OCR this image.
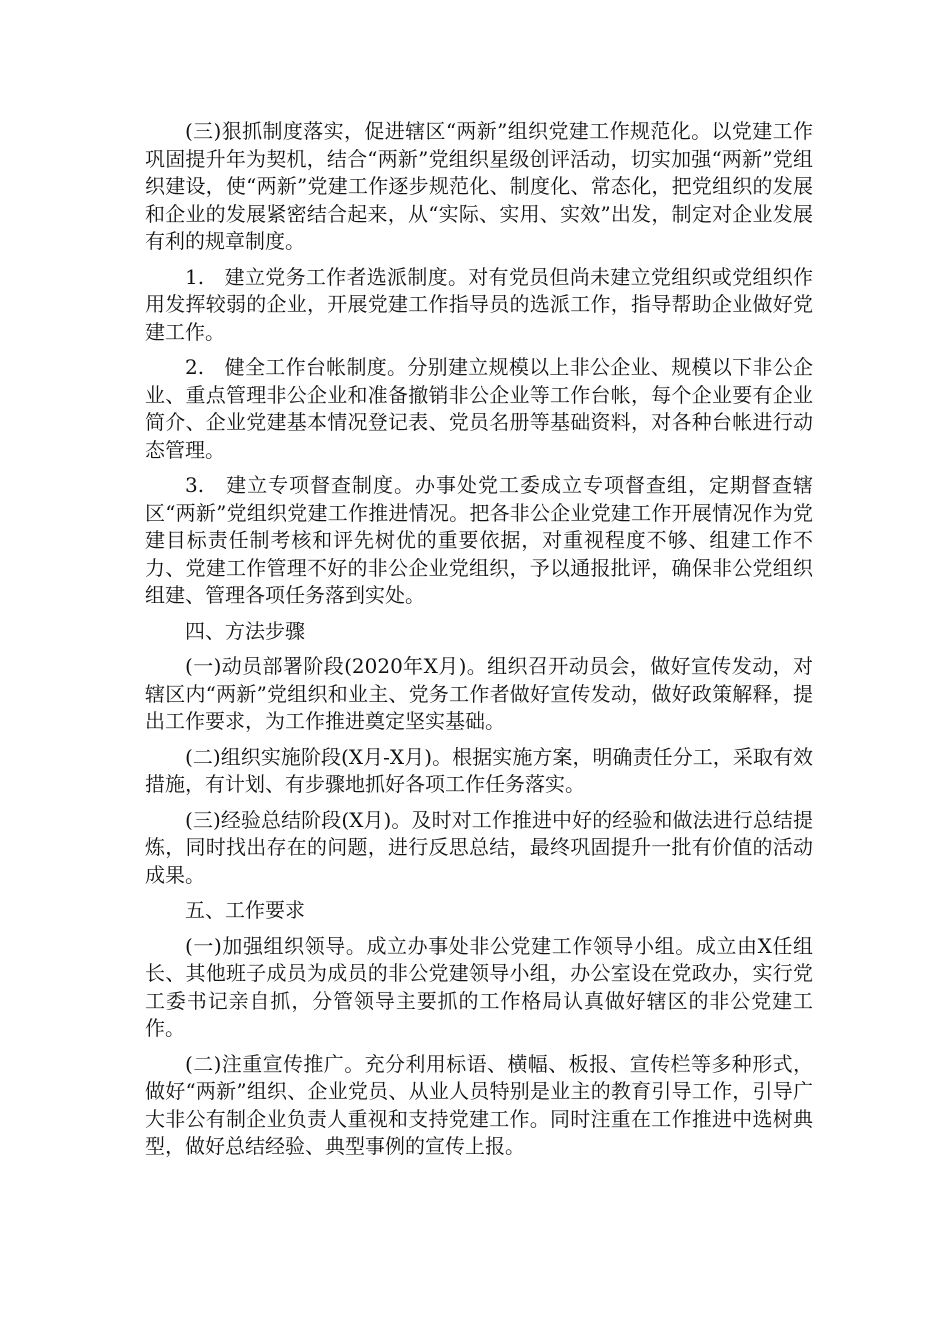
(三)狠抓制度落实，促进辖区“两新”组织党建工作规范化。以党建工作巩固提升年为契机，结合“两新”党组织星级创评活动，切实加强“两新”党组织建设，使“两新”党建工作逐步规范化、制度化、常态化，把党组织的发展和企业的发展紧密结合起来，从“实际、实用、实效”出发，制定对企业发展有利的规章制度。

1.　建立党务工作者选派制度。对有党员但尚未建立党组织或党组织作用发挥较弱的企业，开展党建工作指导员的选派工作，指导帮助企业做好党建工作。

2.　健全工作台帐制度。分别建立规模以上非公企业、规模以下非公企业、重点管理非公企业和准备撤销非公企业等工作台帐，每个企业要有企业简介、企业党建基本情况登记表、党员名册等基础资料，对各种台帐进行动态管理。

3.　建立专项督查制度。办事处党工委成立专项督查组，定期督查辖区“两新”党组织党建工作推进情况。把各非公企业党建工作开展情况作为党建目标责任制考核和评先树优的重要依据，对重视程度不够、组建工作不力、党建工作管理不好的非公企业党组织，予以通报批评，确保非公党组织组建、管理各项任务落到实处。

四、方法步骤

(一)动员部署阶段(2020年X月)。组织召开动员会，做好宣传发动，对辖区内“两新”党组织和业主、党务工作者做好宣传发动，做好政策解释，提出工作要求，为工作推进奠定坚实基础。

(二)组织实施阶段(X月-X月)。根据实施方案，明确责任分工，采取有效措施，有计划、有步骤地抓好各项工作任务落实。

(三)经验总结阶段(X月)。及时对工作推进中好的经验和做法进行总结提炼，同时找出存在的问题，进行反思总结，最终巩固提升一批有价值的活动成果。

五、工作要求

(一)加强组织领导。成立办事处非公党建工作领导小组。成立由X任组长、其他班子成员为成员的非公党建领导小组，办公室设在党政办，实行党工委书记亲自抓，分管领导主要抓的工作格局认真做好辖区的非公党建工作。

(二)注重宣传推广。充分利用标语、横幅、板报、宣传栏等多种形式，做好“两新”组织、企业党员、从业人员特别是业主的教育引导工作，引导广大非公有制企业负责人重视和支持党建工作。同时注重在工作推进中选树典型，做好总结经验、典型事例的宣传上报。
